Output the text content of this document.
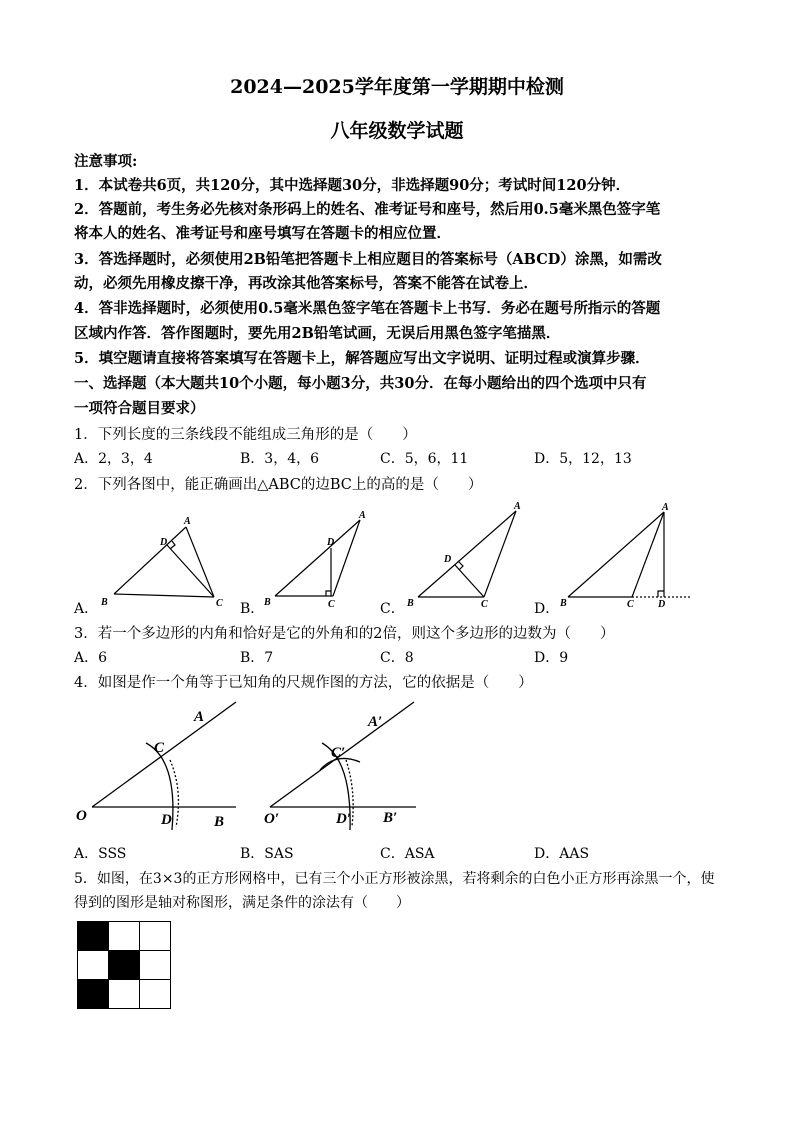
2024—2025学年度第一学期期中检测
八年级数学试题
注意事项:
1．本试卷共6页，共120分，其中选择题30分，非选择题90分；考试时间120分钟．
2．答题前，考生务必先核对条形码上的姓名、准考证号和座号，然后用0.5毫米黑色签字笔
将本人的姓名、准考证号和座号填写在答题卡的相应位置．
3．答选择题时，必须使用2B铅笔把答题卡上相应题目的答案标号（ABCD）涂黑，如需改
动，必须先用橡皮擦干净，再改涂其他答案标号，答案不能答在试卷上．
4．答非选择题时，必须使用0.5毫米黑色签字笔在答题卡上书写．务必在题号所指示的答题
区域内作答．答作图题时，要先用2B铅笔试画，无误后用黑色签字笔描黑．
5．填空题请直接将答案填写在答题卡上，解答题应写出文字说明、证明过程或演算步骤．
一、选择题（本大题共10个小题，每小题3分，共30分．在每小题给出的四个选项中只有
一项符合题目要求）
1．下列长度的三条线段不能组成三角形的是（　　）
A．2，3，4	B．3，4，6	C．5，6，11	D．5，12，13
2．下列各图中，能正确画出△ABC的边BC上的高的是（　　）
A．	B．	C．	D．
A
D
B	C
A
D
B	C
A
D
B	C
A
B	C D
3．若一个多边形的内角和恰好是它的外角和的2倍，则这个多边形的边数为（　　）
A．6	B．7	C．8	D．9
4．如图是作一个角等于已知角的尺规作图的方法，它的依据是（　　）
A
C
O	D	B
A′
C′
O′	D′ B′
A．SSS	B．SAS	C．ASA	D．AAS
5．如图，在3×3的正方形网格中，已有三个小正方形被涂黑，若将剩余的白色小正方形再涂黑一个，使
得到的图形是轴对称图形，满足条件的涂法有（　　）
